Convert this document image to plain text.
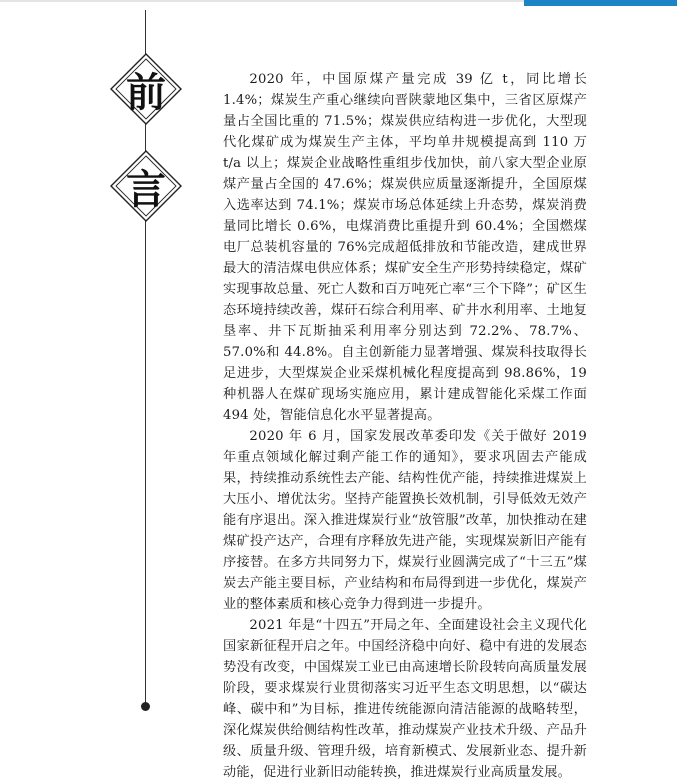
前
言

2020 年，中国原煤产量完成 39 亿 t，同比增长 1.4%；煤炭生产重心继续向晋陕蒙地区集中，三省区原煤产量占全国比重的 71.5%；煤炭供应结构进一步优化，大型现代化煤矿成为煤炭生产主体，平均单井规模提高到 110 万 t/a 以上；煤炭企业战略性重组步伐加快，前八家大型企业原煤产量占全国的 47.6%；煤炭供应质量逐渐提升，全国原煤入选率达到 74.1%；煤炭市场总体延续上升态势，煤炭消费量同比增长 0.6%，电煤消费比重提升到 60.4%；全国燃煤电厂总装机容量的 76%完成超低排放和节能改造，建成世界最大的清洁煤电供应体系；煤矿安全生产形势持续稳定，煤矿实现事故总量、死亡人数和百万吨死亡率“三个下降”；矿区生态环境持续改善，煤矸石综合利用率、矿井水利用率、土地复垦率、井下瓦斯抽采利用率分别达到 72.2%、78.7%、57.0%和 44.8%。自主创新能力显著增强、煤炭科技取得长足进步，大型煤炭企业采煤机械化程度提高到 98.86%，19 种机器人在煤矿现场实施应用，累计建成智能化采煤工作面 494 处，智能信息化水平显著提高。

2020 年 6 月，国家发展改革委印发《关于做好 2019 年重点领域化解过剩产能工作的通知》，要求巩固去产能成果，持续推动系统性去产能、结构性优产能，持续推进煤炭上大压小、增优汰劣。坚持产能置换长效机制，引导低效无效产能有序退出。深入推进煤炭行业“放管服”改革，加快推动在建煤矿投产达产，合理有序释放先进产能，实现煤炭新旧产能有序接替。在多方共同努力下，煤炭行业圆满完成了“十三五”煤炭去产能主要目标，产业结构和布局得到进一步优化，煤炭产业的整体素质和核心竞争力得到进一步提升。

2021 年是“十四五”开局之年、全面建设社会主义现代化国家新征程开启之年。中国经济稳中向好、稳中有进的发展态势没有改变，中国煤炭工业已由高速增长阶段转向高质量发展阶段，要求煤炭行业贯彻落实习近平生态文明思想，以“碳达峰、碳中和”为目标，推进传统能源向清洁能源的战略转型，深化煤炭供给侧结构性改革，推动煤炭产业技术升级、产品升级、质量升级、管理升级，培育新模式、发展新业态、提升新动能，促进行业新旧动能转换，推进煤炭行业高质量发展。
